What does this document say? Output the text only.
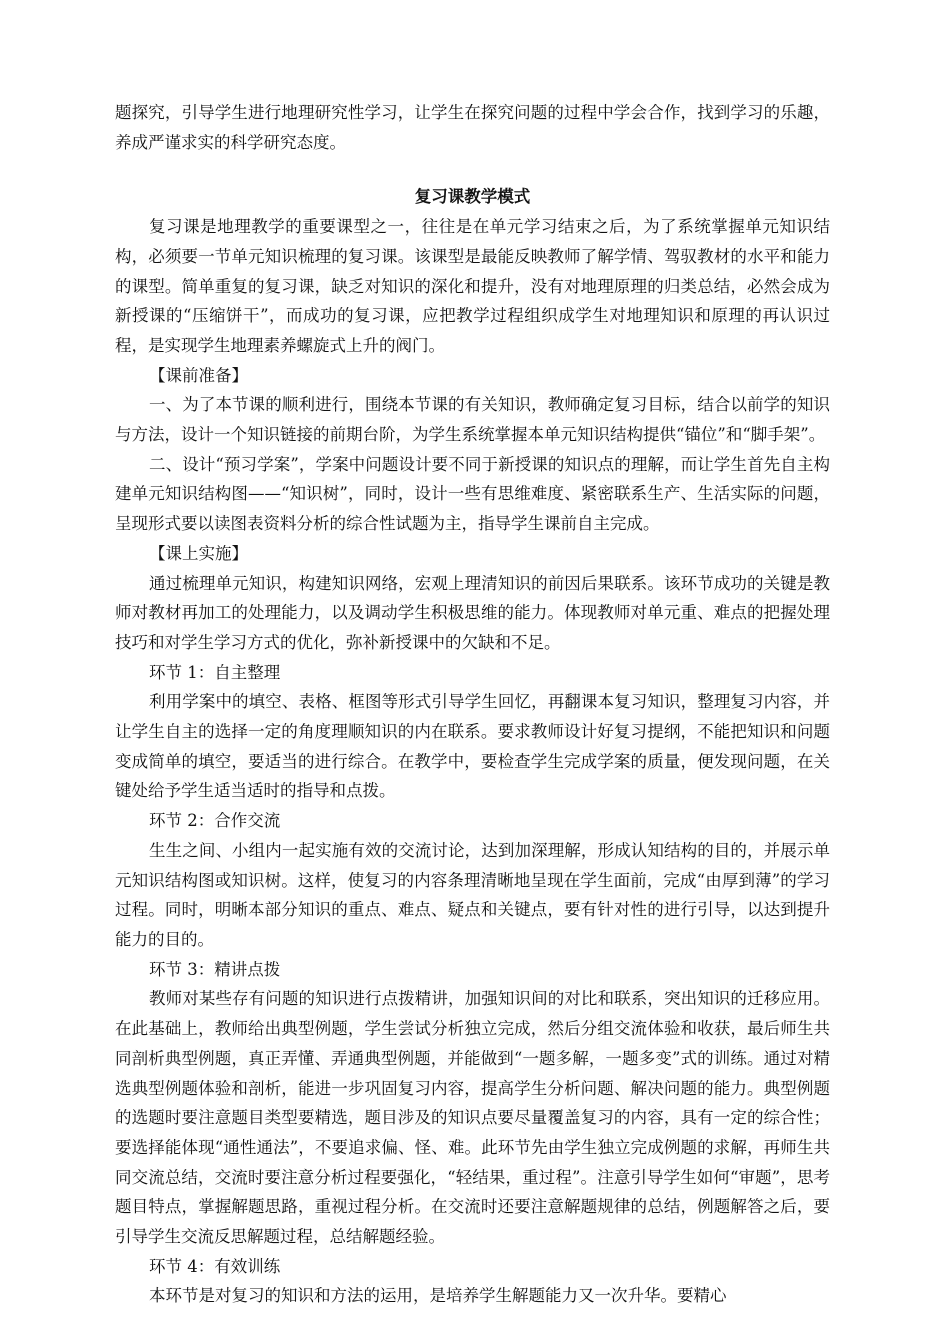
题探究，引导学生进行地理研究性学习，让学生在探究问题的过程中学会合作，找到学习的乐趣，养成严谨求实的科学研究态度。

复习课教学模式

复习课是地理教学的重要课型之一，往往是在单元学习结束之后，为了系统掌握单元知识结构，必须要一节单元知识梳理的复习课。该课型是最能反映教师了解学情、驾驭教材的水平和能力的课型。简单重复的复习课，缺乏对知识的深化和提升，没有对地理原理的归类总结，必然会成为新授课的“压缩饼干”，而成功的复习课，应把教学过程组织成学生对地理知识和原理的再认识过程，是实现学生地理素养螺旋式上升的阀门。

【课前准备】

一、为了本节课的顺利进行，围绕本节课的有关知识，教师确定复习目标，结合以前学的知识与方法，设计一个知识链接的前期台阶，为学生系统掌握本单元知识结构提供“锚位”和“脚手架”。

二、设计“预习学案”，学案中问题设计要不同于新授课的知识点的理解，而让学生首先自主构建单元知识结构图——“知识树”，同时，设计一些有思维难度、紧密联系生产、生活实际的问题，呈现形式要以读图表资料分析的综合性试题为主，指导学生课前自主完成。

【课上实施】

通过梳理单元知识，构建知识网络，宏观上理清知识的前因后果联系。该环节成功的关键是教师对教材再加工的处理能力，以及调动学生积极思维的能力。体现教师对单元重、难点的把握处理技巧和对学生学习方式的优化，弥补新授课中的欠缺和不足。

环节 1：自主整理

利用学案中的填空、表格、框图等形式引导学生回忆，再翻课本复习知识，整理复习内容，并让学生自主的选择一定的角度理顺知识的内在联系。要求教师设计好复习提纲，不能把知识和问题变成简单的填空，要适当的进行综合。在教学中，要检查学生完成学案的质量，便发现问题，在关键处给予学生适当适时的指导和点拨。

环节 2：合作交流

生生之间、小组内一起实施有效的交流讨论，达到加深理解，形成认知结构的目的，并展示单元知识结构图或知识树。这样，使复习的内容条理清晰地呈现在学生面前，完成“由厚到薄”的学习过程。同时，明晰本部分知识的重点、难点、疑点和关键点，要有针对性的进行引导，以达到提升能力的目的。

环节 3：精讲点拨

教师对某些存有问题的知识进行点拨精讲，加强知识间的对比和联系，突出知识的迁移应用。在此基础上，教师给出典型例题，学生尝试分析独立完成，然后分组交流体验和收获，最后师生共同剖析典型例题，真正弄懂、弄通典型例题，并能做到“一题多解，一题多变”式的训练。通过对精选典型例题体验和剖析，能进一步巩固复习内容，提高学生分析问题、解决问题的能力。典型例题的选题时要注意题目类型要精选，题目涉及的知识点要尽量覆盖复习的内容，具有一定的综合性；要选择能体现“通性通法”，不要追求偏、怪、难。此环节先由学生独立完成例题的求解，再师生共同交流总结，交流时要注意分析过程要强化，“轻结果，重过程”。注意引导学生如何“审题”，思考题目特点，掌握解题思路，重视过程分析。在交流时还要注意解题规律的总结，例题解答之后，要引导学生交流反思解题过程，总结解题经验。

环节 4：有效训练

本环节是对复习的知识和方法的运用，是培养学生解题能力又一次升华。要精心
